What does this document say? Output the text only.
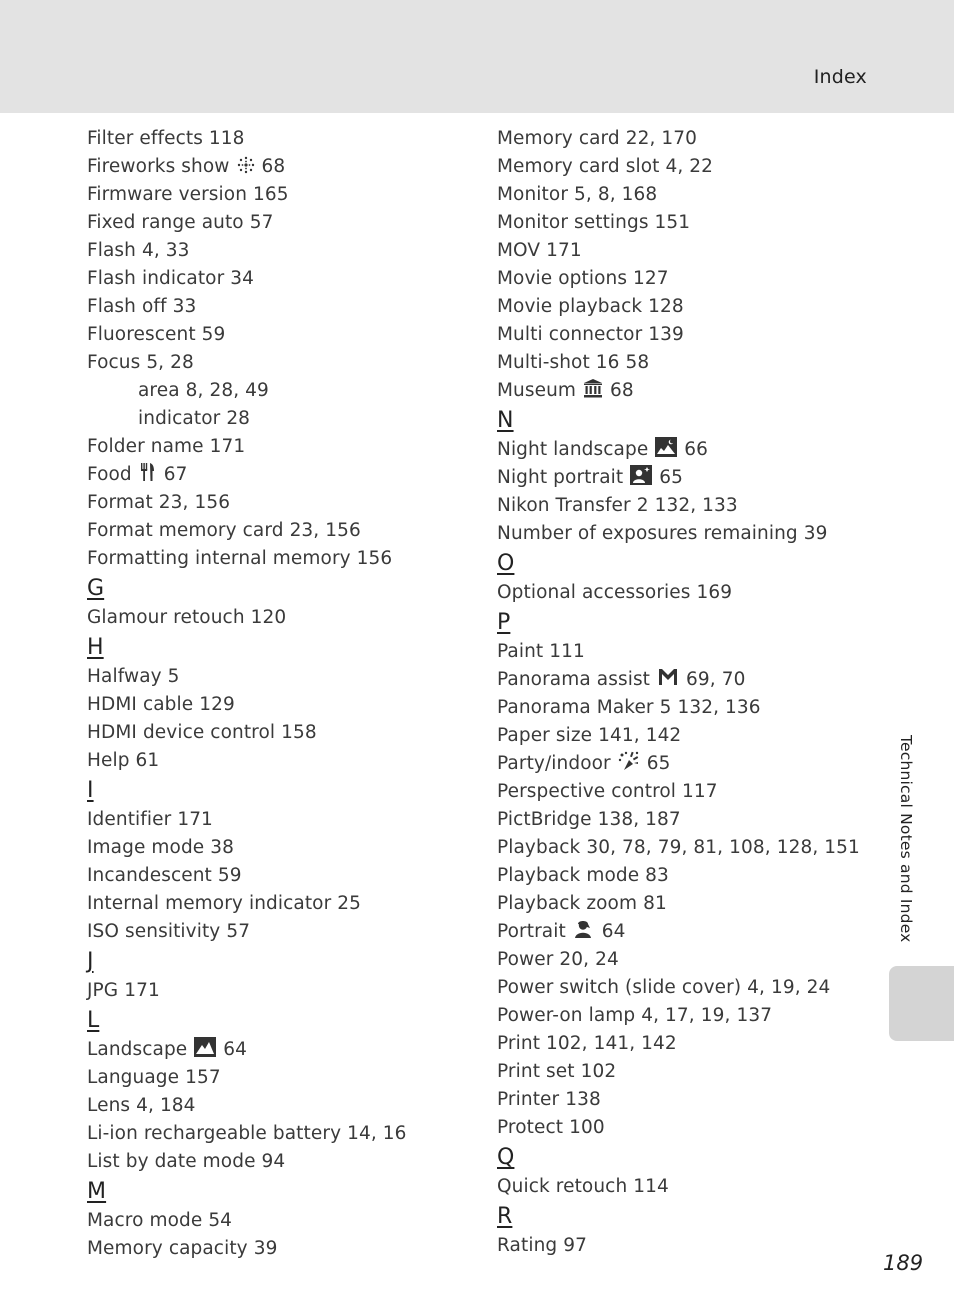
Index
Filter effects 118
Fireworks show 68
Firmware version 165
Fixed range auto 57
Flash 4, 33
Flash indicator 34
Flash off 33
Fluorescent 59
Focus 5, 28
area 8, 28, 49
indicator 28
Folder name 171
Food 67
Format 23, 156
Format memory card 23, 156
Formatting internal memory 156
G
Glamour retouch 120
H
Halfway 5
HDMI cable 129
HDMI device control 158
Help 61
I
Identifier 171
Image mode 38
Incandescent 59
Internal memory indicator 25
ISO sensitivity 57
J
JPG 171
L
Landscape 64
Language 157
Lens 4, 184
Li-ion rechargeable battery 14, 16
List by date mode 94
M
Macro mode 54
Memory capacity 39
Memory card 22, 170
Memory card slot 4, 22
Monitor 5, 8, 168
Monitor settings 151
MOV 171
Movie options 127
Movie playback 128
Multi connector 139
Multi-shot 16 58
Museum 68
N
Night landscape 66
Night portrait 65
Nikon Transfer 2 132, 133
Number of exposures remaining 39
O
Optional accessories 169
P
Paint 111
Panorama assist 69, 70
Panorama Maker 5 132, 136
Paper size 141, 142
Party/indoor 65
Perspective control 117
PictBridge 138, 187
Playback 30, 78, 79, 81, 108, 128, 151
Playback mode 83
Playback zoom 81
Portrait 64
Power 20, 24
Power switch (slide cover) 4, 19, 24
Power-on lamp 4, 17, 19, 137
Print 102, 141, 142
Print set 102
Printer 138
Protect 100
Q
Quick retouch 114
R
Rating 97
Technical Notes and Index
189
